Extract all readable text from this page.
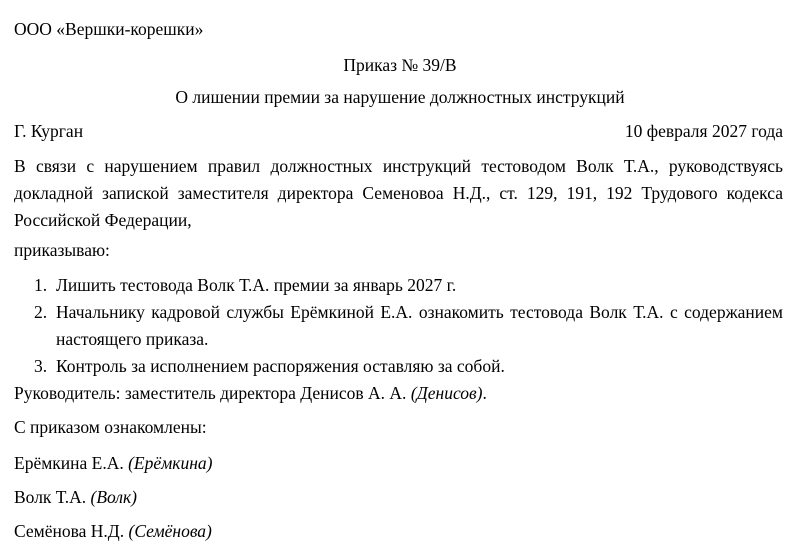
ООО «Вершки-корешки»
Приказ № 39/В
О лишении премии за нарушение должностных инструкций
Г. Курган	10 февраля 2027 года
В связи с нарушением правил должностных инструкций тестоводом Волк Т.А., руководствуясь докладной запиской заместителя директора Семеновоа Н.Д., ст. 129, 191, 192 Трудового кодекса Российской Федерации,
приказываю:
1. Лишить тестовода Волк Т.А. премии за январь 2027 г.
2. Начальнику кадровой службы Ерёмкиной Е.А. ознакомить тестовода Волк Т.А. с содержанием настоящего приказа.
3. Контроль за исполнением распоряжения оставляю за собой.
Руководитель: заместитель директора Денисов А. А. (Денисов).
С приказом ознакомлены:
Ерёмкина Е.А. (Ерёмкина)
Волк Т.А. (Волк)
Семёнова Н.Д. (Семёнова)
